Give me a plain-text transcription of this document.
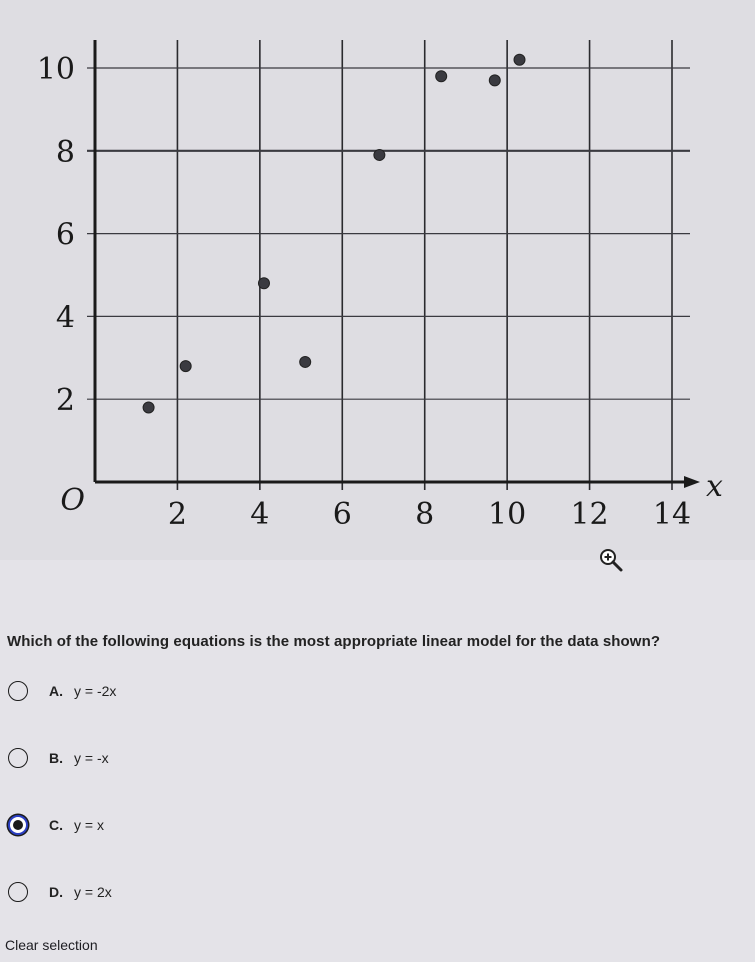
2 4 6 8 10 12 14
2
4
6
8
10
O	x

Which of the following equations is the most appropriate linear model for the data shown?

A. y = -2x
B. y = -x
C. y = x
D. y = 2x
Clear selection
